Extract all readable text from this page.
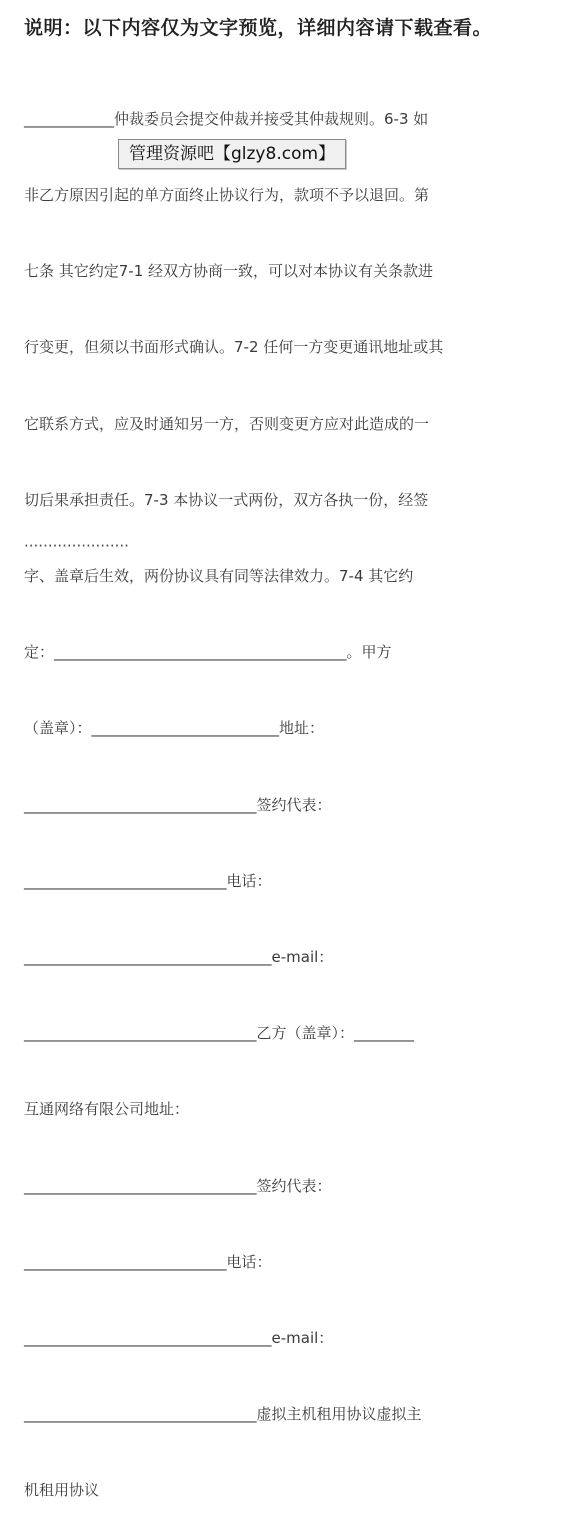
说明：以下内容仅为文字预览，详细内容请下载查看。

____________仲裁委员会提交仲裁并接受其仲裁规则。6-3 如

非乙方原因引起的单方面终止协议行为，款项不予以退回。第

七条 其它约定7-1 经双方协商一致，可以对本协议有关条款进

行变更，但须以书面形式确认。7-2 任何一方变更通讯地址或其

它联系方式，应及时通知另一方，否则变更方应对此造成的一

切后果承担责任。7-3 本协议一式两份，双方各执一份，经签

字、盖章后生效，两份协议具有同等法律效力。7-4 其它约

定：_______________________________________。甲方

（盖章）：_________________________地址：

_______________________________签约代表：

___________________________电话：

_________________________________e-mail：

_______________________________乙方（盖章）：________

互通网络有限公司地址：

_______________________________签约代表：

___________________________电话：

_________________________________e-mail：

_______________________________虚拟主机租用协议虚拟主

机租用协议

······················
管理资源吧【glzy8.com】
